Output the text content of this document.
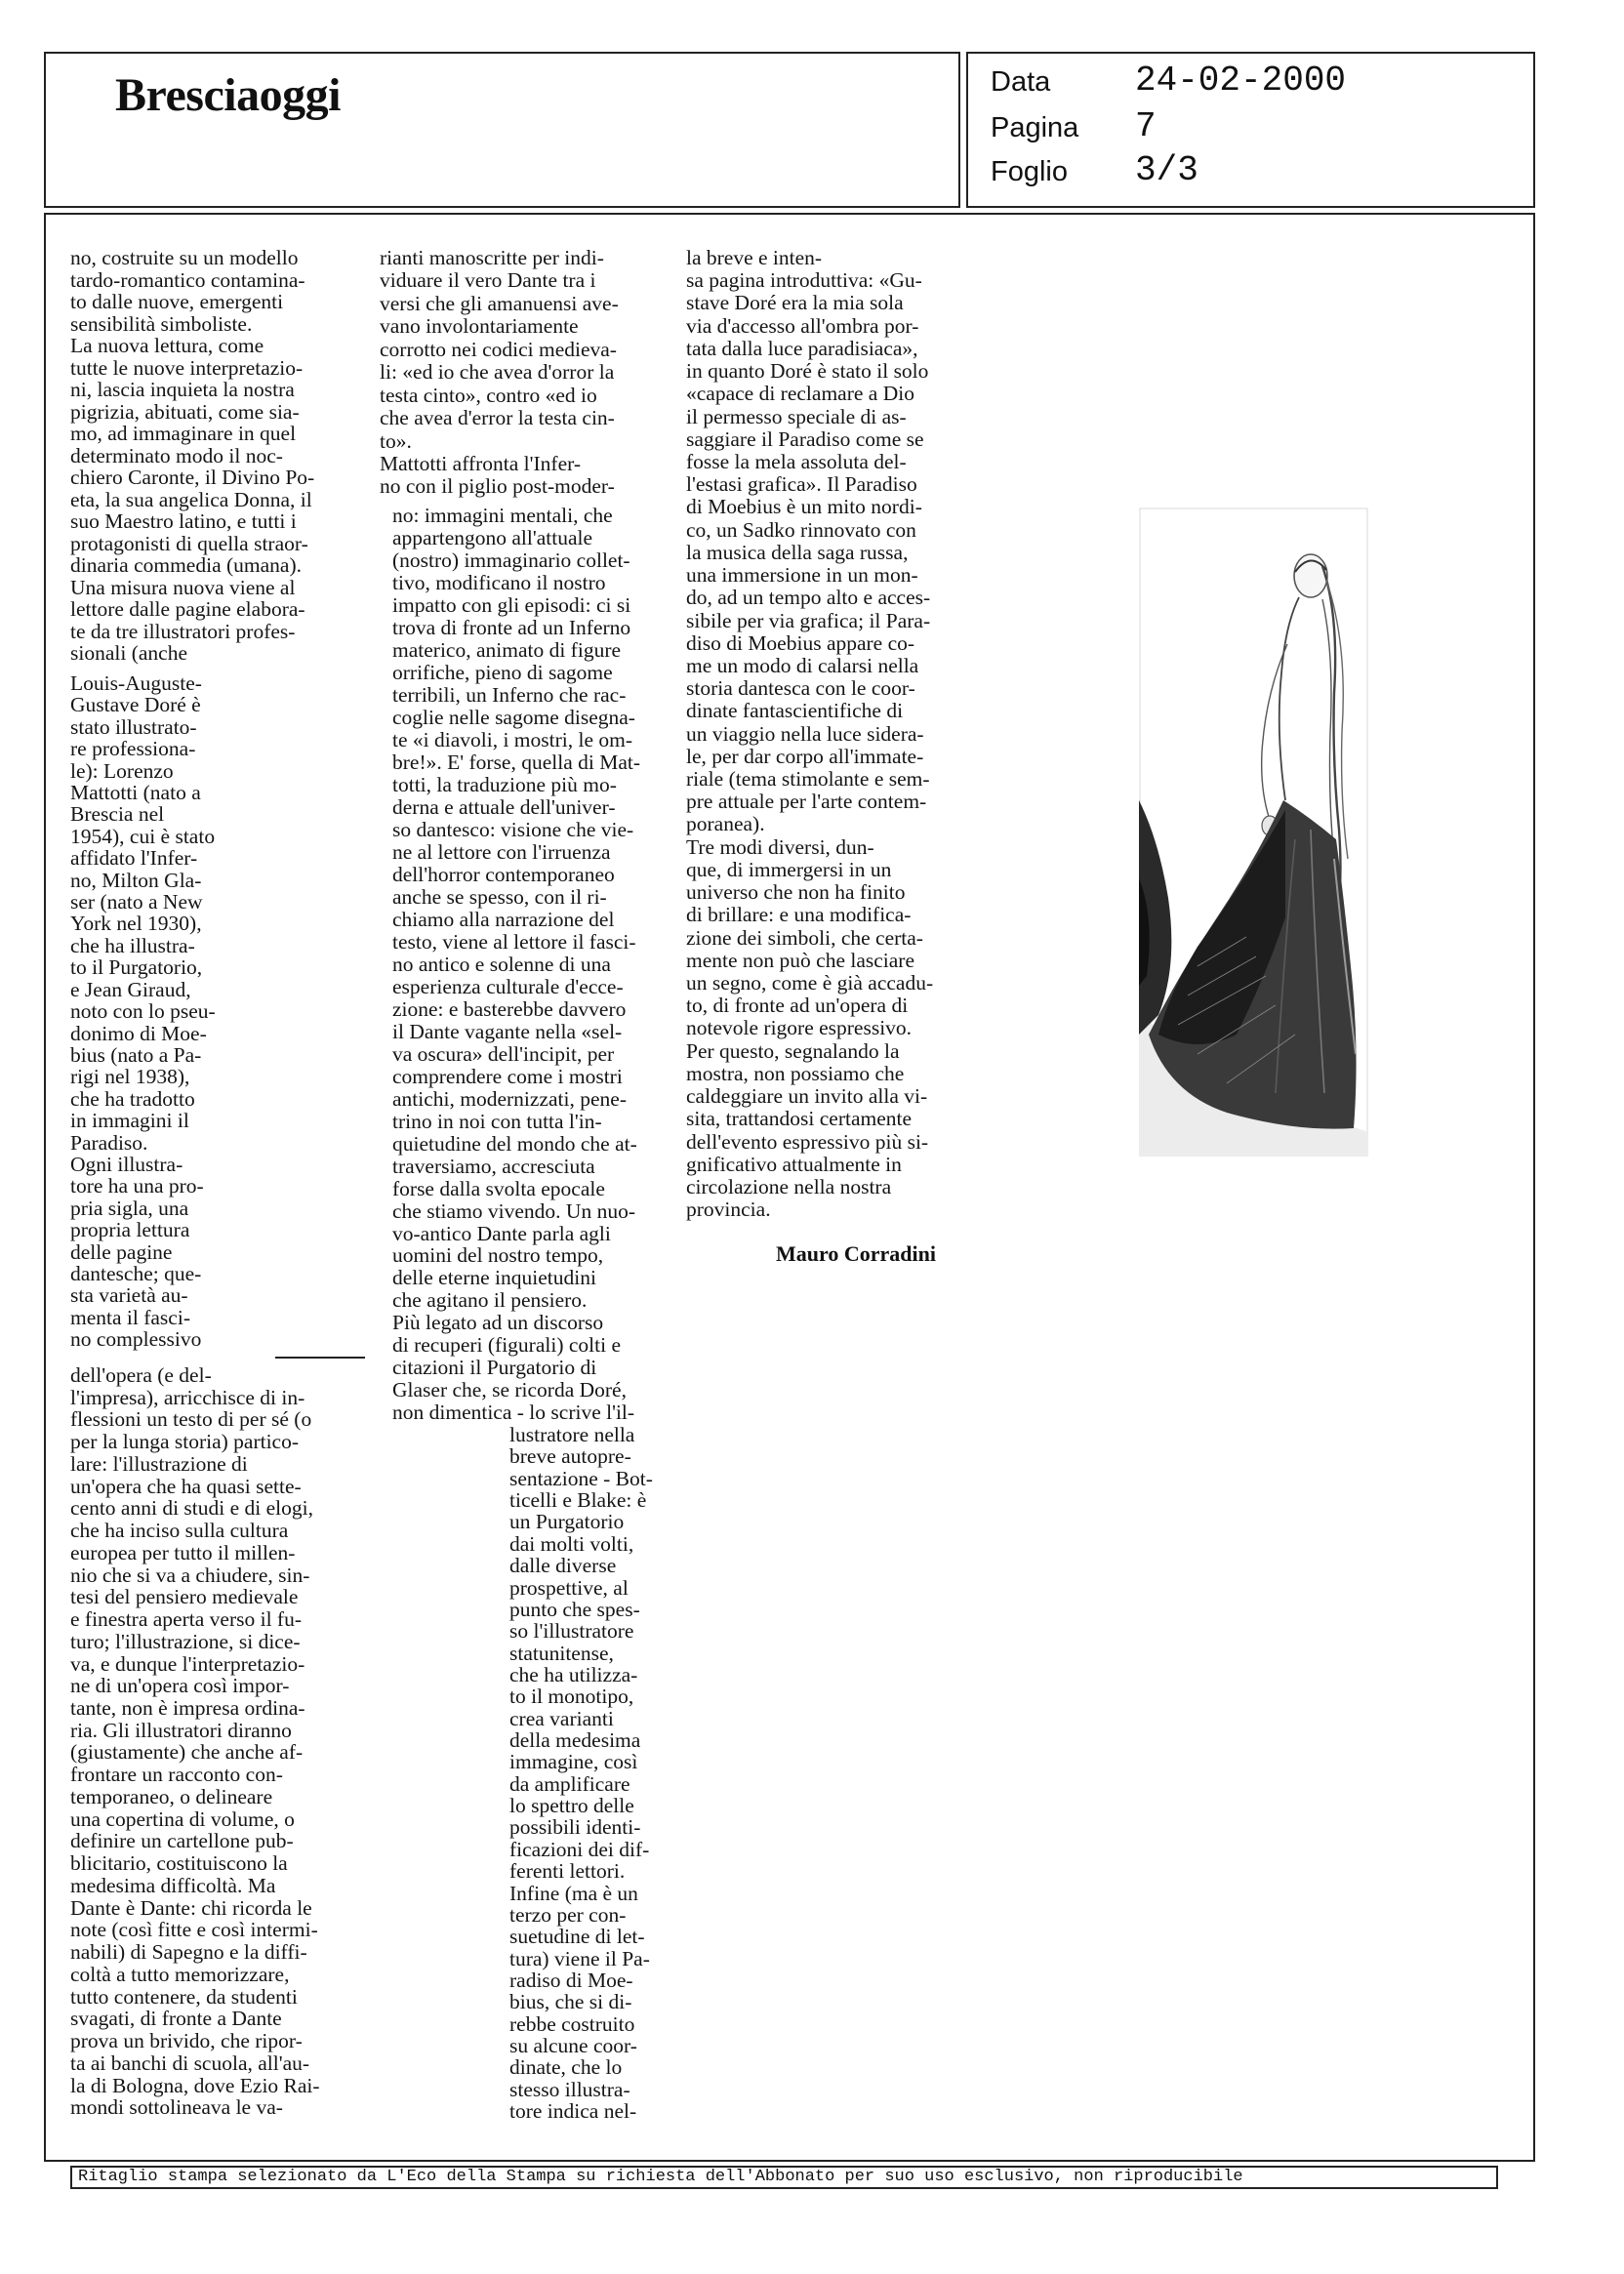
Bresciaoggi	Data 24-02-2000
Pagina 7
Foglio 3/3
no, costruite su un modello
tardo-romantico contamina-
to dalle nuove, emergenti
sensibilità simboliste.
La nuova lettura, come
tutte le nuove interpretazio-
ni, lascia inquieta la nostra
pigrizia, abituati, come sia-
mo, ad immaginare in quel
determinato modo il noc-
chiero Caronte, il Divino Po-
eta, la sua angelica Donna, il
suo Maestro latino, e tutti i
protagonisti di quella straor-
dinaria commedia (umana).
Una misura nuova viene al
lettore dalle pagine elabora-
te da tre illustratori profes-
sionali (anche
Louis-Auguste-
Gustave Doré è
stato illustrato-
re professiona-
le): Lorenzo
Mattotti (nato a
Brescia nel
1954), cui è stato
affidato l'Infer-
no, Milton Gla-
ser (nato a New
York nel 1930),
che ha illustra-
to il Purgatorio,
e Jean Giraud,
noto con lo pseu-
donimo di Moe-
bius (nato a Pa-
rigi nel 1938),
che ha tradotto
in immagini il
Paradiso.
Ogni illustra-
tore ha una pro-
pria sigla, una
propria lettura
delle pagine
dantesche; que-
sta varietà au-
menta il fasci-
no complessivo
dell'opera (e del-
l'impresa), arricchisce di in-
flessioni un testo di per sé (o
per la lunga storia) partico-
lare: l'illustrazione di
un'opera che ha quasi sette-
cento anni di studi e di elogi,
che ha inciso sulla cultura
europea per tutto il millen-
nio che si va a chiudere, sin-
tesi del pensiero medievale
e finestra aperta verso il fu-
turo; l'illustrazione, si dice-
va, e dunque l'interpretazio-
ne di un'opera così impor-
tante, non è impresa ordina-
ria. Gli illustratori diranno
(giustamente) che anche af-
frontare un racconto con-
temporaneo, o delineare
una copertina di volume, o
definire un cartellone pub-
blicitario, costituiscono la
medesima difficoltà. Ma
Dante è Dante: chi ricorda le
note (così fitte e così intermi-
nabili) di Sapegno e la diffi-
coltà a tutto memorizzare,
tutto contenere, da studenti
svagati, di fronte a Dante
prova un brivido, che ripor-
ta ai banchi di scuola, all'au-
la di Bologna, dove Ezio Rai-
mondi sottolineava le va-
rianti manoscritte per indi-
viduare il vero Dante tra i
versi che gli amanuensi ave-
vano involontariamente
corrotto nei codici medieva-
li: «ed io che avea d'orror la
testa cinto», contro «ed io
che avea d'error la testa cin-
to».
Mattotti affronta l'Infer-
no con il piglio post-moder-
no: immagini mentali, che
appartengono all'attuale
(nostro) immaginario collet-
tivo, modificano il nostro
impatto con gli episodi: ci si
trova di fronte ad un Inferno
materico, animato di figure
orrifiche, pieno di sagome
terribili, un Inferno che rac-
coglie nelle sagome disegna-
te «i diavoli, i mostri, le om-
bre!». E' forse, quella di Mat-
totti, la traduzione più mo-
derna e attuale dell'univer-
so dantesco: visione che vie-
ne al lettore con l'irruenza
dell'horror contemporaneo
anche se spesso, con il ri-
chiamo alla narrazione del
testo, viene al lettore il fasci-
no antico e solenne di una
esperienza culturale d'ecce-
zione: e basterebbe davvero
il Dante vagante nella «sel-
va oscura» dell'incipit, per
comprendere come i mostri
antichi, modernizzati, pene-
trino in noi con tutta l'in-
quietudine del mondo che at-
traversiamo, accresciuta
forse dalla svolta epocale
che stiamo vivendo. Un nuo-
vo-antico Dante parla agli
uomini del nostro tempo,
delle eterne inquietudini
che agitano il pensiero.
Più legato ad un discorso
di recuperi (figurali) colti e
citazioni il Purgatorio di
Glaser che, se ricorda Doré,
non dimentica - lo scrive l'il-
lustratore nella
breve autopre-
sentazione - Bot-
ticelli e Blake: è
un Purgatorio
dai molti volti,
dalle diverse
prospettive, al
punto che spes-
so l'illustratore
statunitense,
che ha utilizza-
to il monotipo,
crea varianti
della medesima
immagine, così
da amplificare
lo spettro delle
possibili identi-
ficazioni dei dif-
ferenti lettori.
Infine (ma è un
terzo per con-
suetudine di let-
tura) viene il Pa-
radiso di Moe-
bius, che si di-
rebbe costruito
su alcune coor-
dinate, che lo
stesso illustra-
tore indica nel-
la breve e inten-
sa pagina introduttiva: «Gu-
stave Doré era la mia sola
via d'accesso all'ombra por-
tata dalla luce paradisiaca»,
in quanto Doré è stato il solo
«capace di reclamare a Dio
il permesso speciale di as-
saggiare il Paradiso come se
fosse la mela assoluta del-
l'estasi grafica». Il Paradiso
di Moebius è un mito nordi-
co, un Sadko rinnovato con
la musica della saga russa,
una immersione in un mon-
do, ad un tempo alto e acces-
sibile per via grafica; il Para-
diso di Moebius appare co-
me un modo di calarsi nella
storia dantesca con le coor-
dinate fantascientifiche di
un viaggio nella luce sidera-
le, per dar corpo all'immate-
riale (tema stimolante e sem-
pre attuale per l'arte contem-
poranea).
Tre modi diversi, dun-
que, di immergersi in un
universo che non ha finito
di brillare: e una modifica-
zione dei simboli, che certa-
mente non può che lasciare
un segno, come è già accadu-
to, di fronte ad un'opera di
notevole rigore espressivo.
Per questo, segnalando la
mostra, non possiamo che
caldeggiare un invito alla vi-
sita, trattandosi certamente
dell'evento espressivo più si-
gnificativo attualmente in
circolazione nella nostra
provincia.
Mauro Corradini
Ritaglio stampa selezionato da L'Eco della Stampa su richiesta dell'Abbonato per suo uso esclusivo, non riproducibile
